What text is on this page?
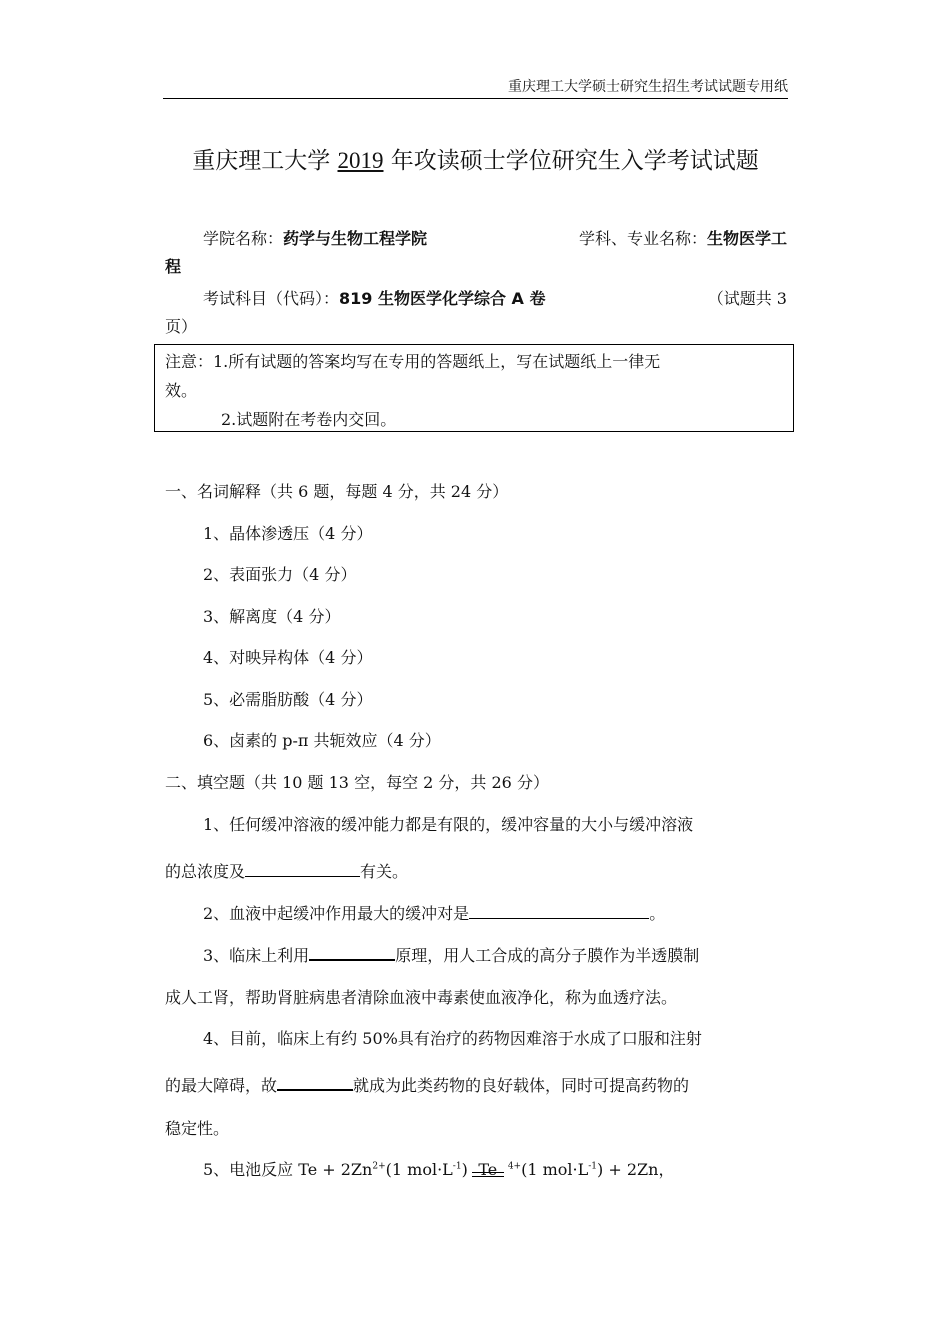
重庆理工大学硕士研究生招生考试试题专用纸
重庆理工大学 2019 年攻读硕士学位研究生入学考试试题
学院名称：药学与生物工程学院	学科、专业名称：生物医学工
程
考试科目（代码）：819 生物医学化学综合 A 卷	（试题共 3
页）
注意：1.所有试题的答案均写在专用的答题纸上，写在试题纸上一律无
效。
2.试题附在考卷内交回。
一、名词解释（共 6 题，每题 4 分，共 24 分）
1、晶体渗透压（4 分）
2、表面张力（4 分）
3、解离度（4 分）
4、对映异构体（4 分）
5、必需脂肪酸（4 分）
6、卤素的 p-π 共轭效应（4 分）
二、填空题（共 10 题 13 空，每空 2 分，共 26 分）
1、任何缓冲溶液的缓冲能力都是有限的，缓冲容量的大小与缓冲溶液
的总浓度及	有关。
2、血液中起缓冲作用最大的缓冲对是	。
3、临床上利用	原理，用人工合成的高分子膜作为半透膜制
成人工肾，帮助肾脏病患者清除血液中毒素使血液净化，称为血透疗法。
4、目前，临床上有约 50%具有治疗的药物因难溶于水成了口服和注射
的最大障碍，故	就成为此类药物的良好载体，同时可提高药物的
稳定性。
5、电池反应 $Te + 2Zn^{2+}(1$ $mol\cdot L^{-1}$) Te $^{4+}$(1 $mol\cdot L^{-1}) + 2Zn$，
